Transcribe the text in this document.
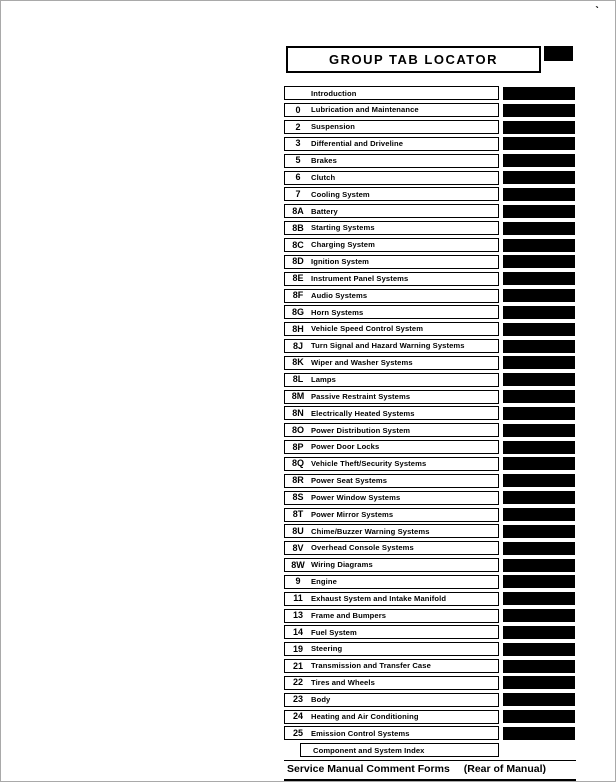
ˋ
GROUP TAB LOCATOR
Introduction
0	Lubrication and Maintenance
2	Suspension
3	Differential and Driveline
5	Brakes
6	Clutch
7	Cooling System
8A Battery
8B Starting Systems
8C Charging System
8D Ignition System
8E Instrument Panel Systems
8F	Audio Systems
8G Horn Systems
8H Vehicle Speed Control System
8J	Turn Signal and Hazard Warning Systems
8K Wiper and Washer Systems
8L	Lamps
8M Passive Restraint Systems
8N Electrically Heated Systems
8O Power Distribution System
8P Power Door Locks
8Q Vehicle Theft/Security Systems
8R Power Seat Systems
8S Power Window Systems
8T	Power Mirror Systems
8U Chime/Buzzer Warning Systems
8V Overhead Console Systems
8W Wiring Diagrams
9	Engine
11	Exhaust System and Intake Manifold
13	Frame and Bumpers
14	Fuel System
19	Steering
21	Transmission and Transfer Case
22	Tires and Wheels
23	Body
24	Heating and Air Conditioning
25	Emission Control Systems
Component and System Index
Service Manual Comment Forms (Rear of Manual)
